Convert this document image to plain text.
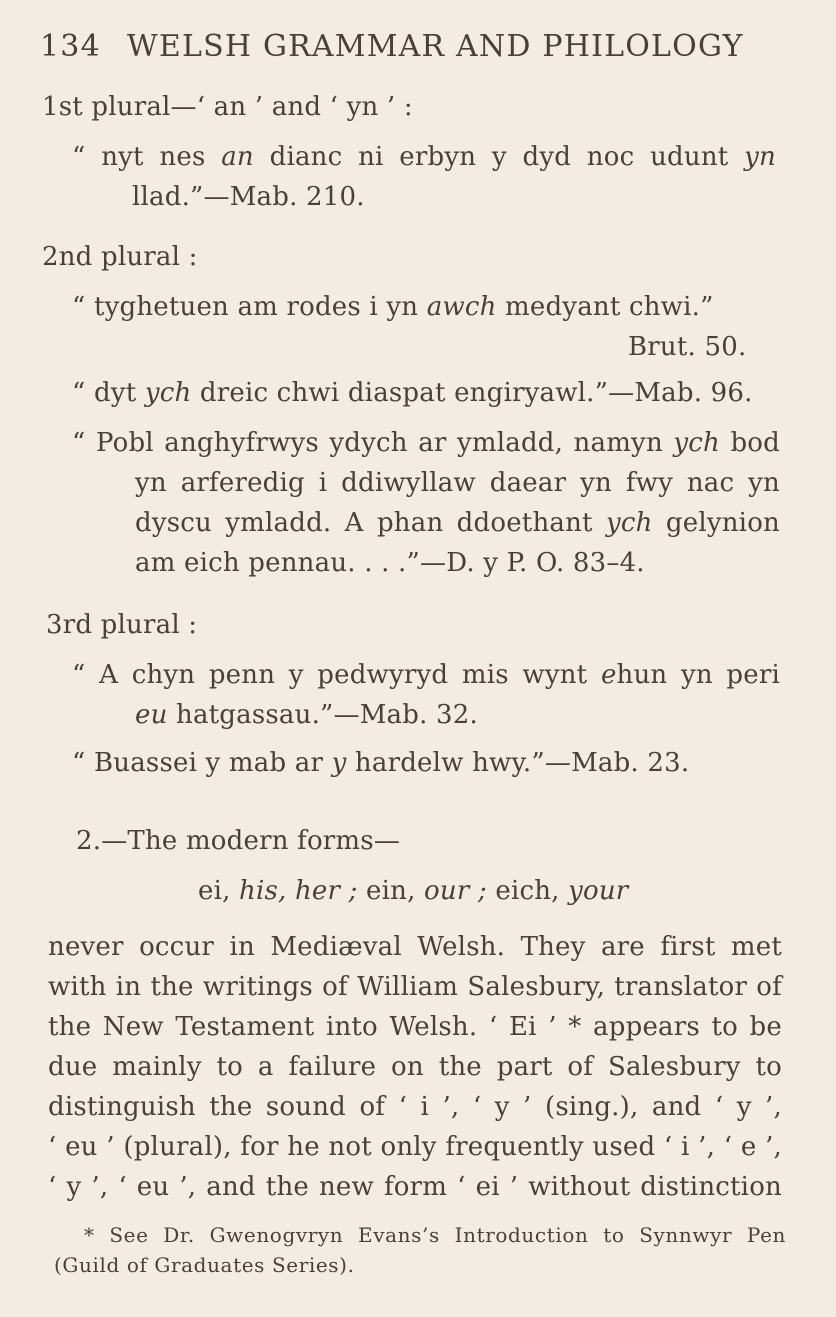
134 WELSH GRAMMAR AND PHILOLOGY
1st plural—‘ an ’ and ‘ yn ’ :
“ nyt nes an dianc ni erbyn y dyd noc udunt yn
llad.”—Mab. 210.
2nd plural :
“ tyghetuen am rodes i yn awch medyant chwi.”
Brut. 50.
“ dyt ych dreic chwi diaspat engiryawl.”—Mab. 96.
“ Pobl anghyfrwys ydych ar ymladd, namyn ych bod
yn arferedig i ddiwyllaw daear yn fwy nac yn
dyscu ymladd. A phan ddoethant ych gelynion
am eich pennau. . . .”—D. y P. O. 83–4.
3rd plural :
“ A chyn penn y pedwyryd mis wynt ehun yn peri
eu hatgassau.”—Mab. 32.
“ Buassei y mab ar y hardelw hwy.”—Mab. 23.
2.—The modern forms—
ei, his, her ; ein, our ; eich, your
never occur in Mediæval Welsh. They are first met
with in the writings of William Salesbury, translator of
the New Testament into Welsh. ‘ Ei ’ * appears to be
due mainly to a failure on the part of Salesbury to
distinguish the sound of ‘ i ’, ‘ y ’ (sing.), and ‘ y ’,
‘ eu ’ (plural), for he not only frequently used ‘ i ’, ‘ e ’,
‘ y ’, ‘ eu ’, and the new form ‘ ei ’ without distinction
* See Dr. Gwenogvryn Evans’s Introduction to Synnwyr Pen
(Guild of Graduates Series).
